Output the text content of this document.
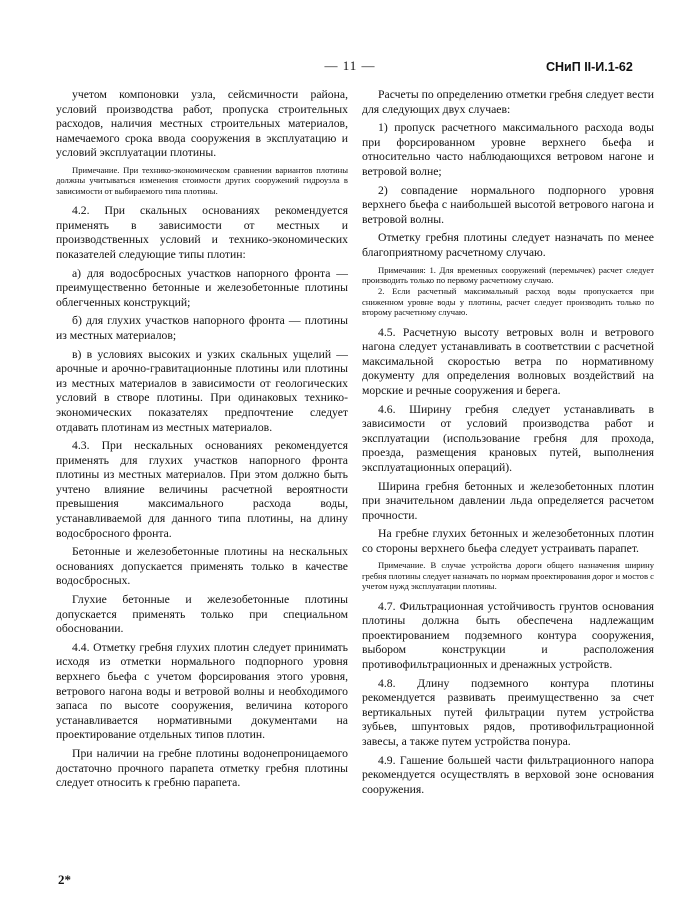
— 11 —	СНиП II-И.1-62

учетом компоновки узла, сейсмичности района, условий производства работ, пропуска строительных расходов, наличия местных строительных материалов, намечаемого срока ввода сооружения в эксплуатацию и условий эксплуатации плотины.

Примечание. При технико-экономическом сравнении вариантов плотины должны учитываться изменения стоимости других сооружений гидроузла в зависимости от выбираемого типа плотины.

4.2. При скальных основаниях рекомендуется применять в зависимости от местных и производственных условий и технико-экономических показателей следующие типы плотин:

а) для водосбросных участков напорного фронта — преимущественно бетонные и железобетонные плотины облегченных конструкций;

б) для глухих участков напорного фронта — плотины из местных материалов;

в) в условиях высоких и узких скальных ущелий — арочные и арочно-гравитационные плотины или плотины из местных материалов в зависимости от геологических условий в створе плотины. При одинаковых технико-экономических показателях предпочтение следует отдавать плотинам из местных материалов.

4.3. При нескальных основаниях рекомендуется применять для глухих участков напорного фронта плотины из местных материалов. При этом должно быть учтено влияние величины расчетной вероятности превышения максимального расхода воды, устанавливаемой для данного типа плотины, на длину водосбросного фронта.

Бетонные и железобетонные плотины на нескальных основаниях допускается применять только в качестве водосбросных.

Глухие бетонные и железобетонные плотины допускается применять только при специальном обосновании.

4.4. Отметку гребня глухих плотин следует принимать исходя из отметки нормального подпорного уровня верхнего бьефа с учетом форсирования этого уровня, ветрового нагона воды и ветровой волны и необходимого запаса по высоте сооружения, величина которого устанавливается нормативными документами на проектирование отдельных типов плотин.

При наличии на гребне плотины водонепроницаемого достаточно прочного парапета отметку гребня плотины следует относить к гребню парапета.

Расчеты по определению отметки гребня следует вести для следующих двух случаев:

1) пропуск расчетного максимального расхода воды при форсированном уровне верхнего бьефа и относительно часто наблюдающихся ветровом нагоне и ветровой волне;

2) совпадение нормального подпорного уровня верхнего бьефа с наибольшей высотой ветрового нагона и ветровой волны.

Отметку гребня плотины следует назначать по менее благоприятному расчетному случаю.

Примечания: 1. Для временных сооружений (перемычек) расчет следует производить только по первому расчетному случаю.

2. Если расчетный максимальный расход воды пропускается при сниженном уровне воды у плотины, расчет следует производить только по второму расчетному случаю.

4.5. Расчетную высоту ветровых волн и ветрового нагона следует устанавливать в соответствии с расчетной максимальной скоростью ветра по нормативному документу для определения волновых воздействий на морские и речные сооружения и берега.

4.6. Ширину гребня следует устанавливать в зависимости от условий производства работ и эксплуатации (использование гребня для прохода, проезда, размещения крановых путей, выполнения эксплуатационных операций).

Ширина гребня бетонных и железобетонных плотин при значительном давлении льда определяется расчетом прочности.

На гребне глухих бетонных и железобетонных плотин со стороны верхнего бьефа следует устраивать парапет.

Примечание. В случае устройства дороги общего назначения ширину гребня плотины следует назначать по нормам проектирования дорог и мостов с учетом нужд эксплуатации плотины.

4.7. Фильтрационная устойчивость грунтов основания плотины должна быть обеспечена надлежащим проектированием подземного контура сооружения, выбором конструкции и расположения противофильтрационных и дренажных устройств.

4.8. Длину подземного контура плотины рекомендуется развивать преимущественно за счет вертикальных путей фильтрации путем устройства зубьев, шпунтовых рядов, противофильтрационной завесы, а также путем устройства понура.

4.9. Гашение большей части фильтрационного напора рекомендуется осуществлять в верховой зоне основания сооружения.

2*
